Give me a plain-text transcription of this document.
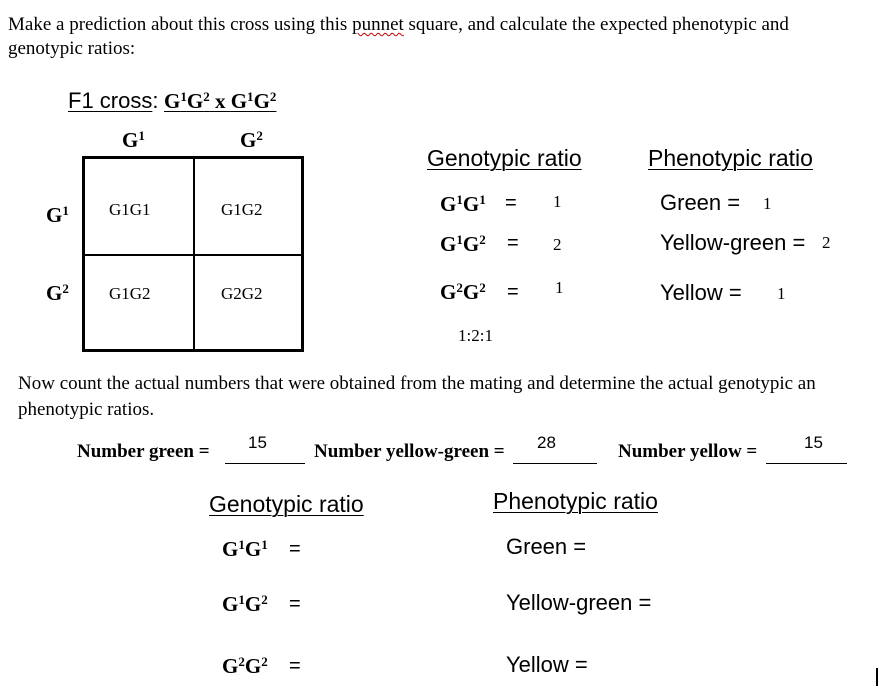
Make a prediction about this cross using this punnet square, and calculate the expected phenotypic and genotypic ratios:
F1 cross: $G^1G^2$ x $G^1G^2$
$G^1$	$G^2$
$G^1$
$G^2$
G1G1	G1G2
G1G2	G2G2
Genotypic ratio
$G^1G^1 = 1$
$G^1G^2 = 2$
$G^2G^2 = 1$
1:2:1
Phenotypic ratio
Green = 1
Yellow-green = 2
Yellow = 1
Now count the actual numbers that were obtained from the mating and determine the actual genotypic an phenotypic ratios.
Number green = 15 Number yellow-green = 28	Number yellow =	15
Genotypic ratio
$G^1G^1$ =
$G^1G^2$ =
$G^2G^2$ =
Phenotypic ratio
Green =
Yellow-green =
Yellow =
